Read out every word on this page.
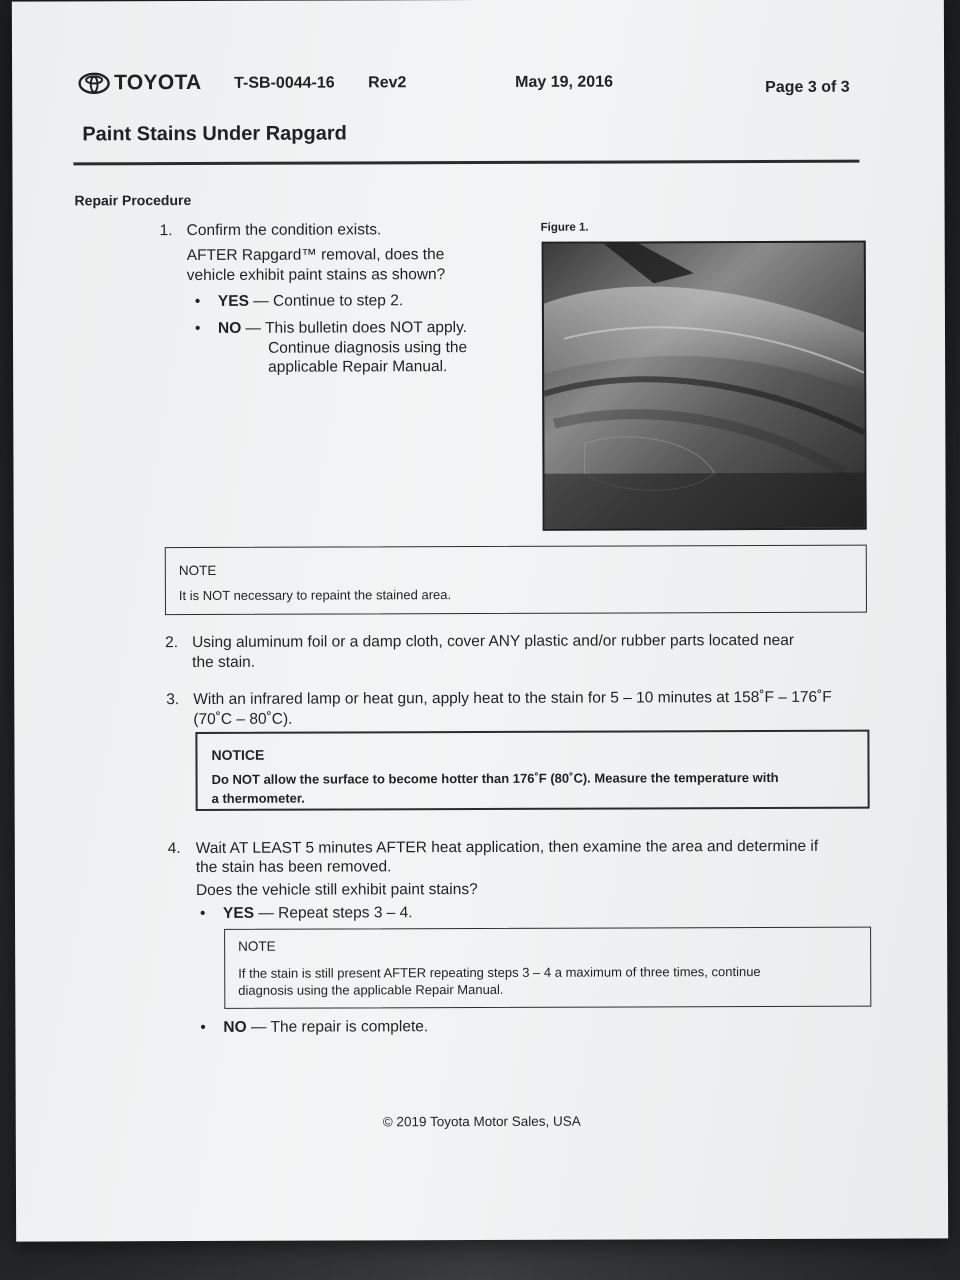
TOYOTA T-SB-0044-16 Rev2	May 19, 2016	Page 3 of 3
Paint Stains Under Rapgard
Repair Procedure
1. Confirm the condition exists.
AFTER Rapgard™ removal, does the
vehicle exhibit paint stains as shown?
• YES — Continue to step 2.
• NO — This bulletin does NOT apply.
Continue diagnosis using the
applicable Repair Manual.
Figure 1.
NOTE
It is NOT necessary to repaint the stained area.
2. Using aluminum foil or a damp cloth, cover ANY plastic and/or rubber parts located near
the stain.
3. With an infrared lamp or heat gun, apply heat to the stain for 5 – 10 minutes at 158˚F – 176˚F
(70˚C – 80˚C).
NOTICE
Do NOT allow the surface to become hotter than 176˚F (80˚C). Measure the temperature with
a thermometer.
4. Wait AT LEAST 5 minutes AFTER heat application, then examine the area and determine if
the stain has been removed.
Does the vehicle still exhibit paint stains?
• YES — Repeat steps 3 – 4.
NOTE
If the stain is still present AFTER repeating steps 3 – 4 a maximum of three times, continue
diagnosis using the applicable Repair Manual.
• NO — The repair is complete.
© 2019 Toyota Motor Sales, USA
